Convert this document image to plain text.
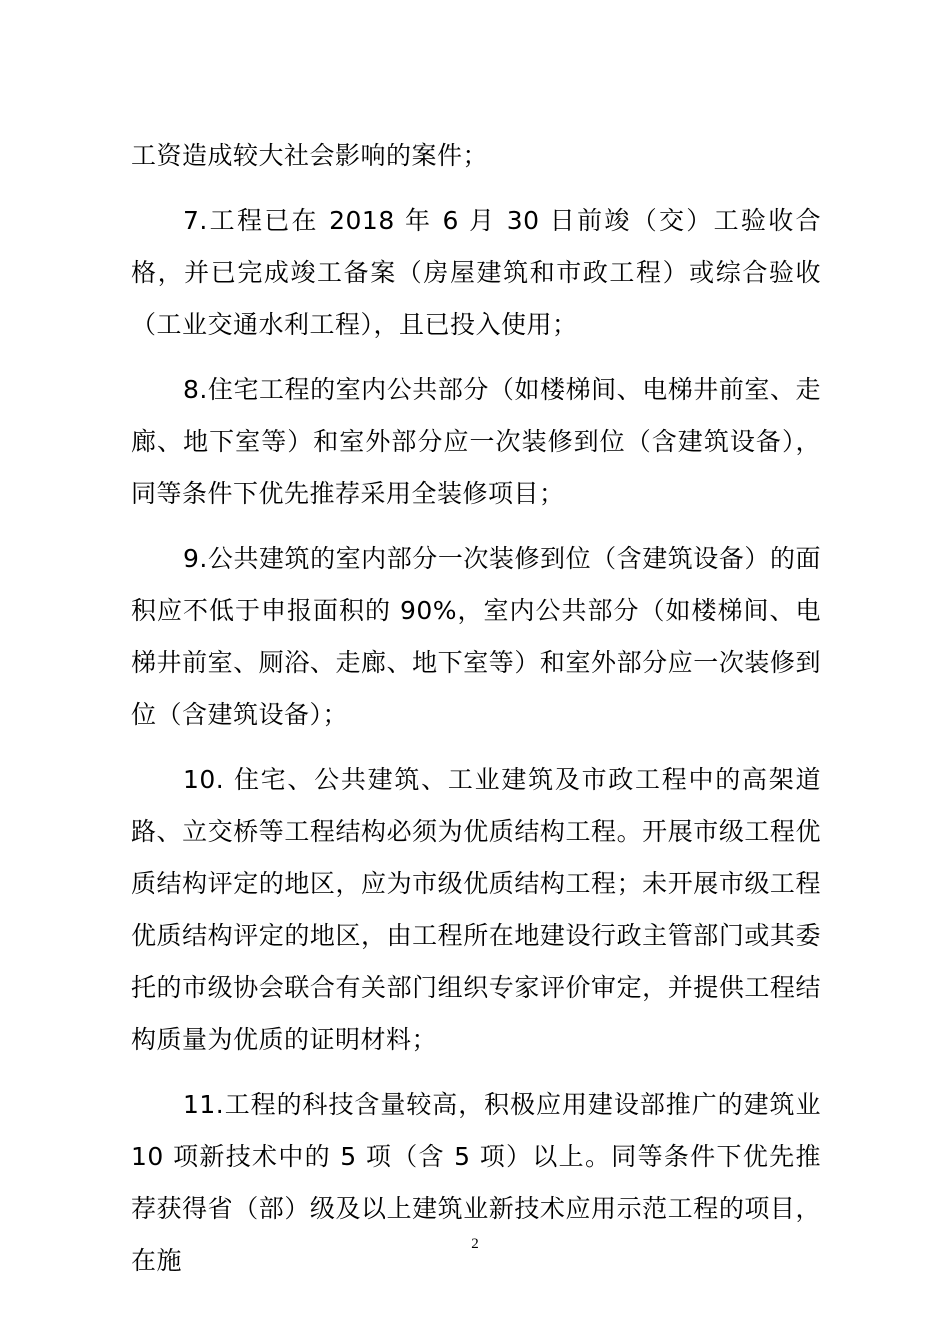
工资造成较大社会影响的案件；

7.工程已在 2018 年 6 月 30 日前竣（交）工验收合格，并已完成竣工备案（房屋建筑和市政工程）或综合验收（工业交通水利工程），且已投入使用；

8.住宅工程的室内公共部分（如楼梯间、电梯井前室、走廊、地下室等）和室外部分应一次装修到位（含建筑设备），同等条件下优先推荐采用全装修项目；

9.公共建筑的室内部分一次装修到位（含建筑设备）的面积应不低于申报面积的 90%，室内公共部分（如楼梯间、电梯井前室、厕浴、走廊、地下室等）和室外部分应一次装修到位（含建筑设备）；

10. 住宅、公共建筑、工业建筑及市政工程中的高架道路、立交桥等工程结构必须为优质结构工程。开展市级工程优质结构评定的地区，应为市级优质结构工程；未开展市级工程优质结构评定的地区，由工程所在地建设行政主管部门或其委托的市级协会联合有关部门组织专家评价审定，并提供工程结构质量为优质的证明材料；

11.工程的科技含量较高，积极应用建设部推广的建筑业 10 项新技术中的 5 项（含 5 项）以上。同等条件下优先推荐获得省（部）级及以上建筑业新技术应用示范工程的项目，在施

2
